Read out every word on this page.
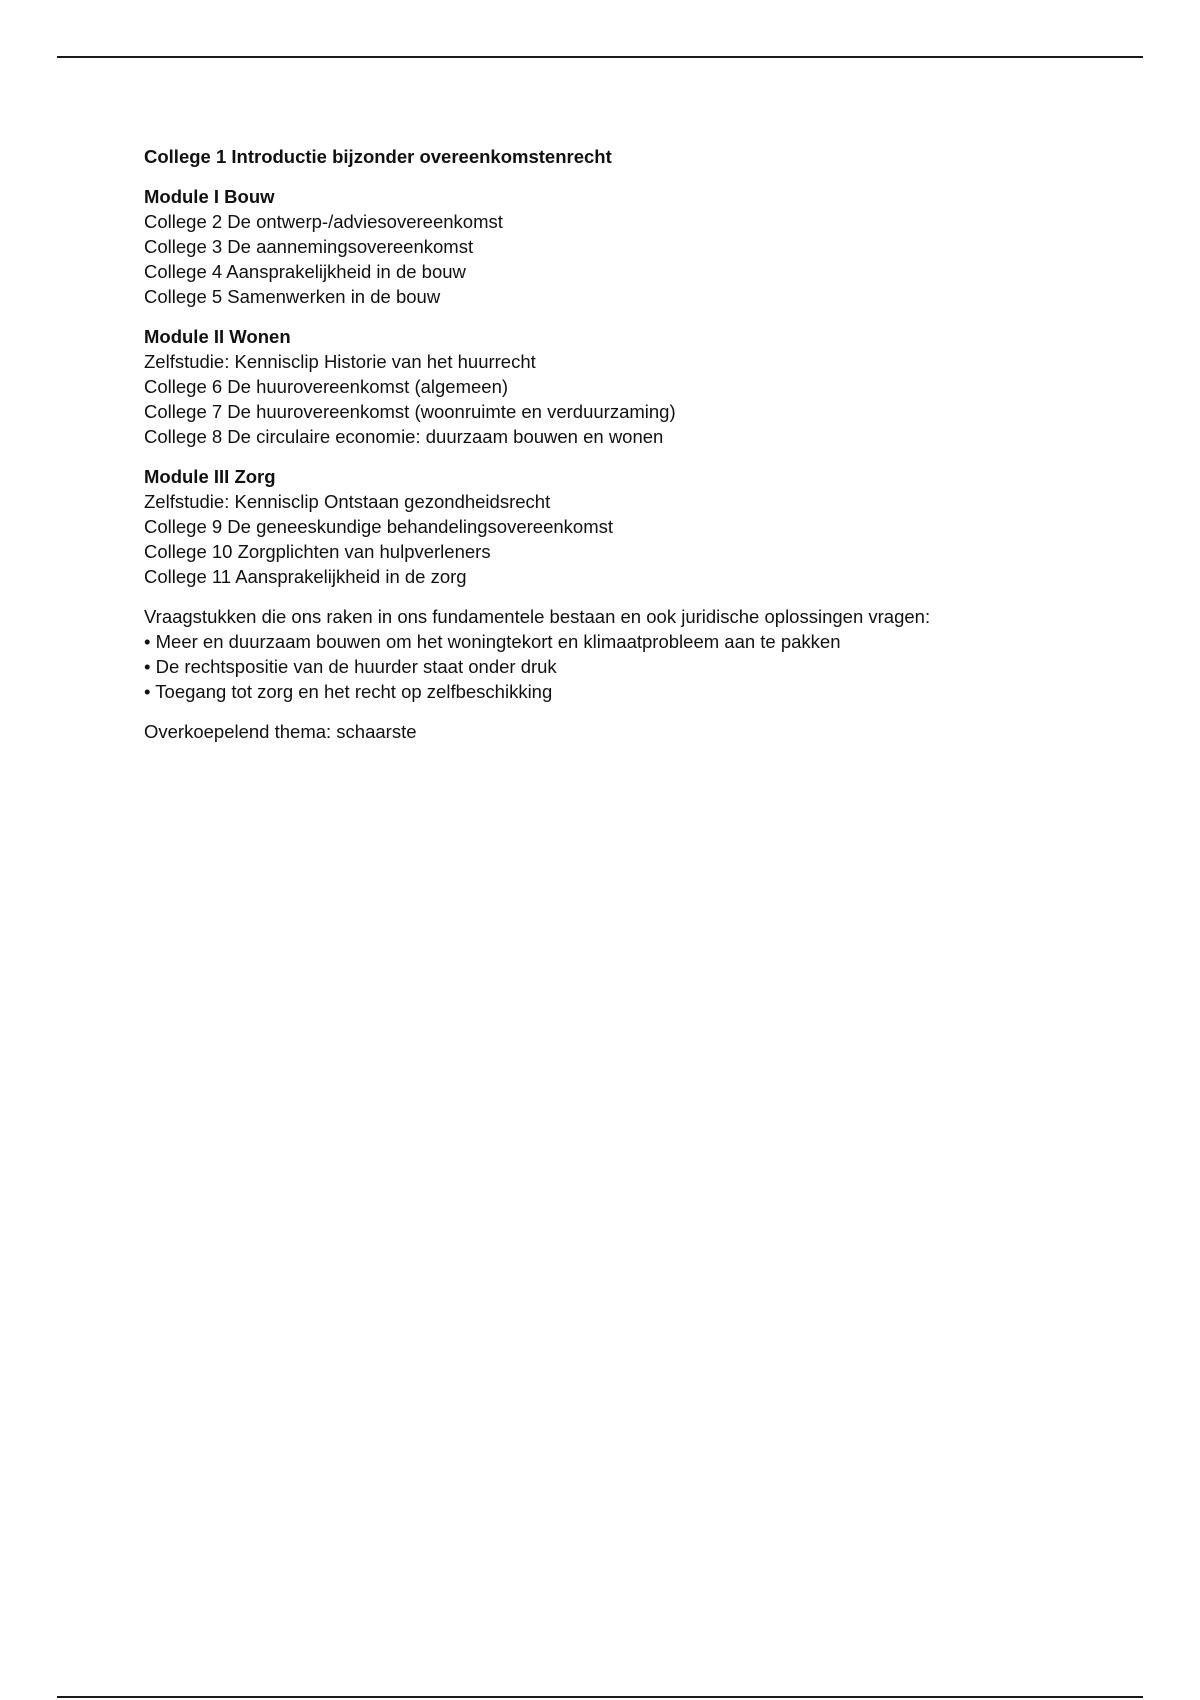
College 1 Introductie bijzonder overeenkomstenrecht

Module I Bouw

College 2 De ontwerp-/adviesovereenkomst

College 3 De aannemingsovereenkomst

College 4 Aansprakelijkheid in de bouw

College 5 Samenwerken in de bouw

Module II Wonen

Zelfstudie: Kennisclip Historie van het huurrecht

College 6 De huurovereenkomst (algemeen)

College 7 De huurovereenkomst (woonruimte en verduurzaming)

College 8 De circulaire economie: duurzaam bouwen en wonen

Module III Zorg

Zelfstudie: Kennisclip Ontstaan gezondheidsrecht

College 9 De geneeskundige behandelingsovereenkomst

College 10 Zorgplichten van hulpverleners

College 11 Aansprakelijkheid in de zorg

Vraagstukken die ons raken in ons fundamentele bestaan en ook juridische oplossingen vragen:

• Meer en duurzaam bouwen om het woningtekort en klimaatprobleem aan te pakken

• De rechtspositie van de huurder staat onder druk

• Toegang tot zorg en het recht op zelfbeschikking

Overkoepelend thema: schaarste
